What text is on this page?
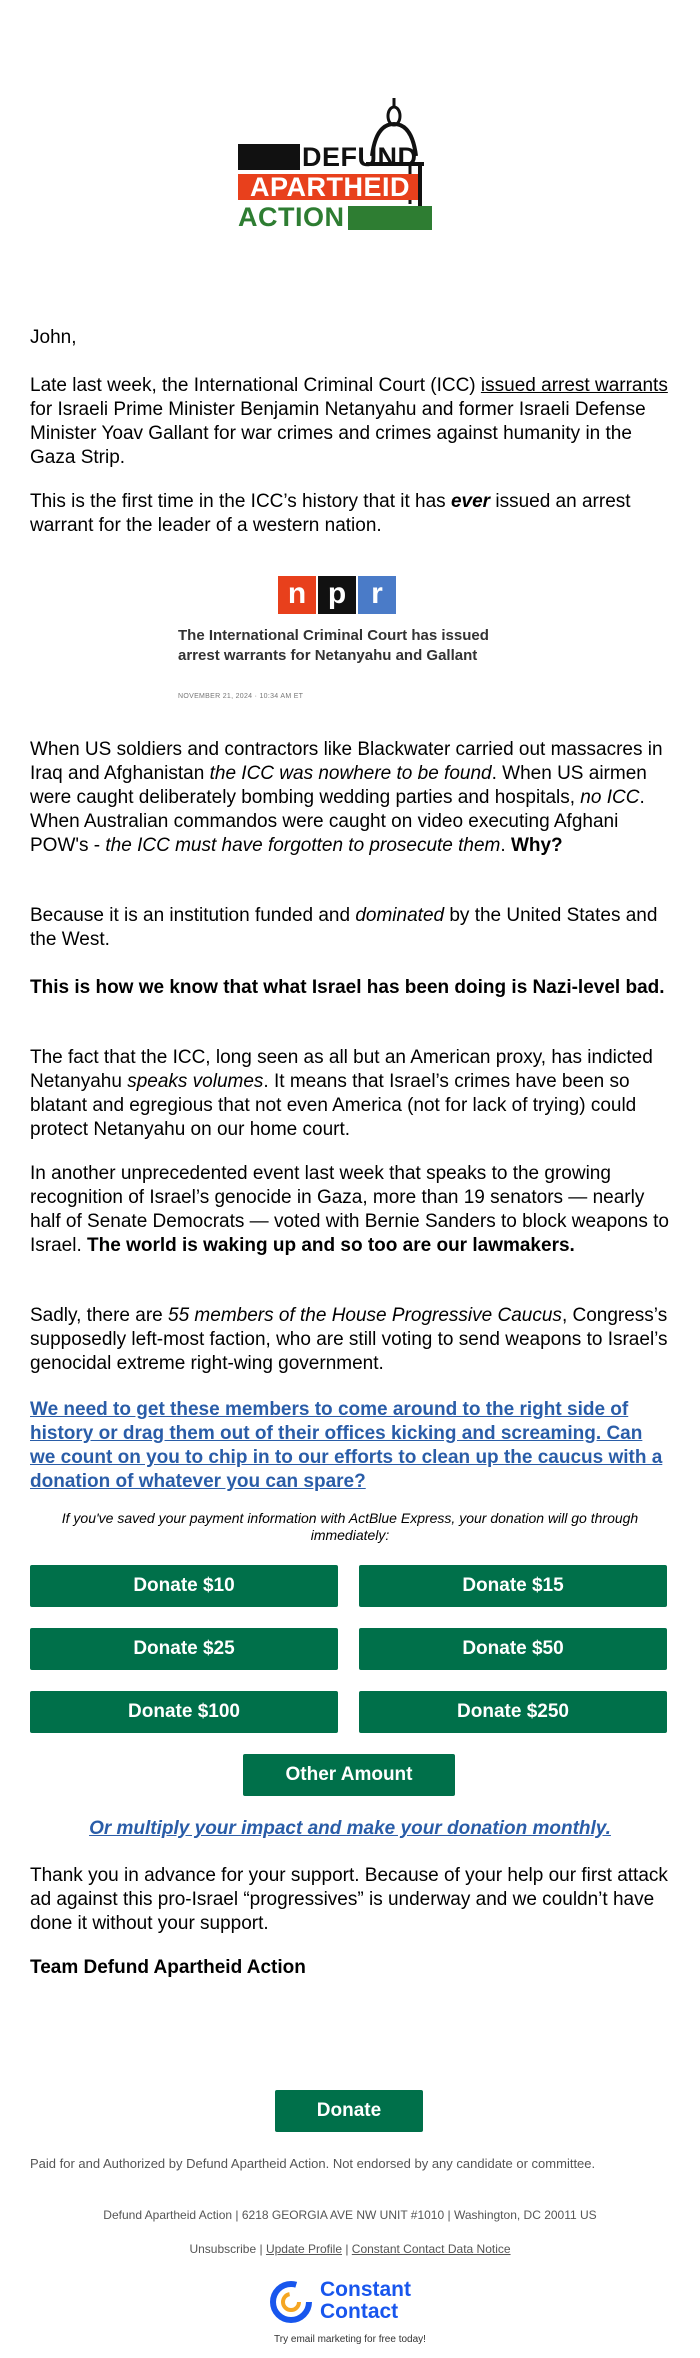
DEFUND
APARTHEID
ACTION
John,
Late last week, the International Criminal Court (ICC) issued arrest warrants for Israeli Prime Minister Benjamin Netanyahu and former Israeli Defense Minister Yoav Gallant for war crimes and crimes against humanity in the Gaza Strip.
This is the first time in the ICC’s history that it has ever issued an arrest warrant for the leader of a western nation.
n p r
The International Criminal Court has issued arrest warrants for Netanyahu and Gallant
NOVEMBER 21, 2024 · 10:34 AM ET
When US soldiers and contractors like Blackwater carried out massacres in Iraq and Afghanistan the ICC was nowhere to be found. When US airmen were caught deliberately bombing wedding parties and hospitals, no ICC. When Australian commandos were caught on video executing Afghani POW's - the ICC must have forgotten to prosecute them. Why?
Because it is an institution funded and dominated by the United States and the West.
This is how we know that what Israel has been doing is Nazi-level bad.
The fact that the ICC, long seen as all but an American proxy, has indicted Netanyahu speaks volumes. It means that Israel’s crimes have been so blatant and egregious that not even America (not for lack of trying) could protect Netanyahu on our home court.
In another unprecedented event last week that speaks to the growing recognition of Israel’s genocide in Gaza, more than 19 senators — nearly half of Senate Democrats — voted with Bernie Sanders to block weapons to Israel. The world is waking up and so too are our lawmakers.
Sadly, there are 55 members of the House Progressive Caucus, Congress’s supposedly left-most faction, who are still voting to send weapons to Israel’s genocidal extreme right-wing government.
We need to get these members to come around to the right side of history or drag them out of their offices kicking and screaming. Can we count on you to chip in to our efforts to clean up the caucus with a donation of whatever you can spare?
If you've saved your payment information with ActBlue Express, your donation will go through immediately:
Donate $10	Donate $15
Donate $25	Donate $50
Donate $100	Donate $250
Other Amount
Or multiply your impact and make your donation monthly.
Thank you in advance for your support. Because of your help our first attack ad against this pro-Israel “progressives” is underway and we couldn’t have done it without your support.
Team Defund Apartheid Action
Donate
Paid for and Authorized by Defund Apartheid Action. Not endorsed by any candidate or committee.
Defund Apartheid Action | 6218 GEORGIA AVE NW UNIT #1010 | Washington, DC 20011 US
Unsubscribe | Update Profile | Constant Contact Data Notice
Constant
Contact
Try email marketing for free today!
